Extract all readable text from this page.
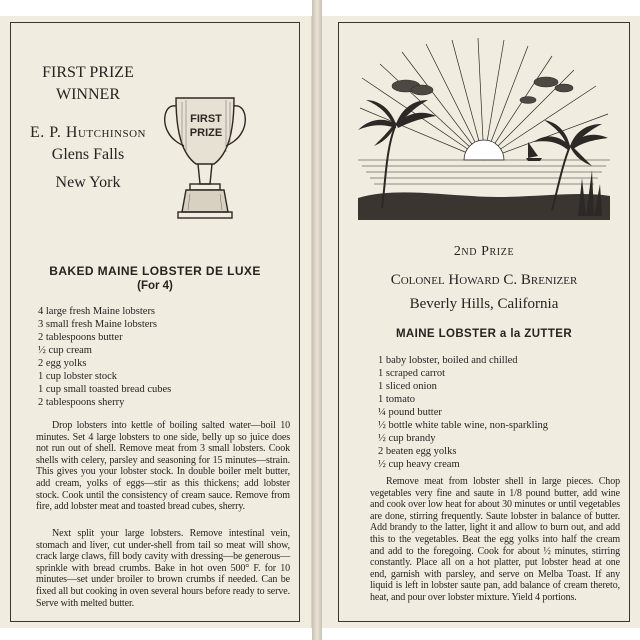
FIRST PRIZE
WINNER
E. P. Hutchinson
Glens Falls
New York
FIRST
PRIZE
BAKED MAINE LOBSTER DE LUXE
(For 4)
4 large fresh Maine lobsters
3 small fresh Maine lobsters
2 tablespoons butter
½ cup cream
2 egg yolks
1 cup lobster stock
1 cup small toasted bread cubes
2 tablespoons sherry

Drop lobsters into kettle of boiling salted water—boil 10 minutes. Set 4 large lobsters to one side, belly up so juice does not run out of shell. Remove meat from 3 small lobsters. Cook shells with celery, parsley and seasoning for 15 minutes—strain. This gives you your lobster stock. In double boiler melt butter, add cream, yolks of eggs—stir as this thickens; add lobster stock. Cook until the consistency of cream sauce. Remove from fire, add lobster meat and toasted bread cubes, sherry.

Next split your large lobsters. Remove intestinal vein, stomach and liver, cut under-shell from tail so meat will show, crack large claws, fill body cavity with dressing—be generous—sprinkle with bread crumbs. Bake in hot oven 500° F. for 10 minutes—set under broiler to brown crumbs if needed. Can be fixed all but cooking in oven several hours before ready to serve. Serve with melted butter.

2nd Prize
Colonel Howard C. Brenizer
Beverly Hills, California
MAINE LOBSTER a la ZUTTER
1 baby lobster, boiled and chilled
1 scraped carrot
1 sliced onion
1 tomato
¼ pound butter
½ bottle white table wine, non-sparkling
½ cup brandy
2 beaten egg yolks
½ cup heavy cream

Remove meat from lobster shell in large pieces. Chop vegetables very fine and saute in 1/8 pound butter, add wine and cook over low heat for about 30 minutes or until vegetables are done, stirring frequently. Saute lobster in balance of butter. Add brandy to the latter, light it and allow to burn out, and add this to the vegetables. Beat the egg yolks into half the cream and add to the foregoing. Cook for about ½ minutes, stirring constantly. Place all on a hot platter, put lobster head at one end, garnish with parsley, and serve on Melba Toast. If any liquid is left in lobster saute pan, add balance of cream thereto, heat, and pour over lobster mixture. Yield 4 portions.
